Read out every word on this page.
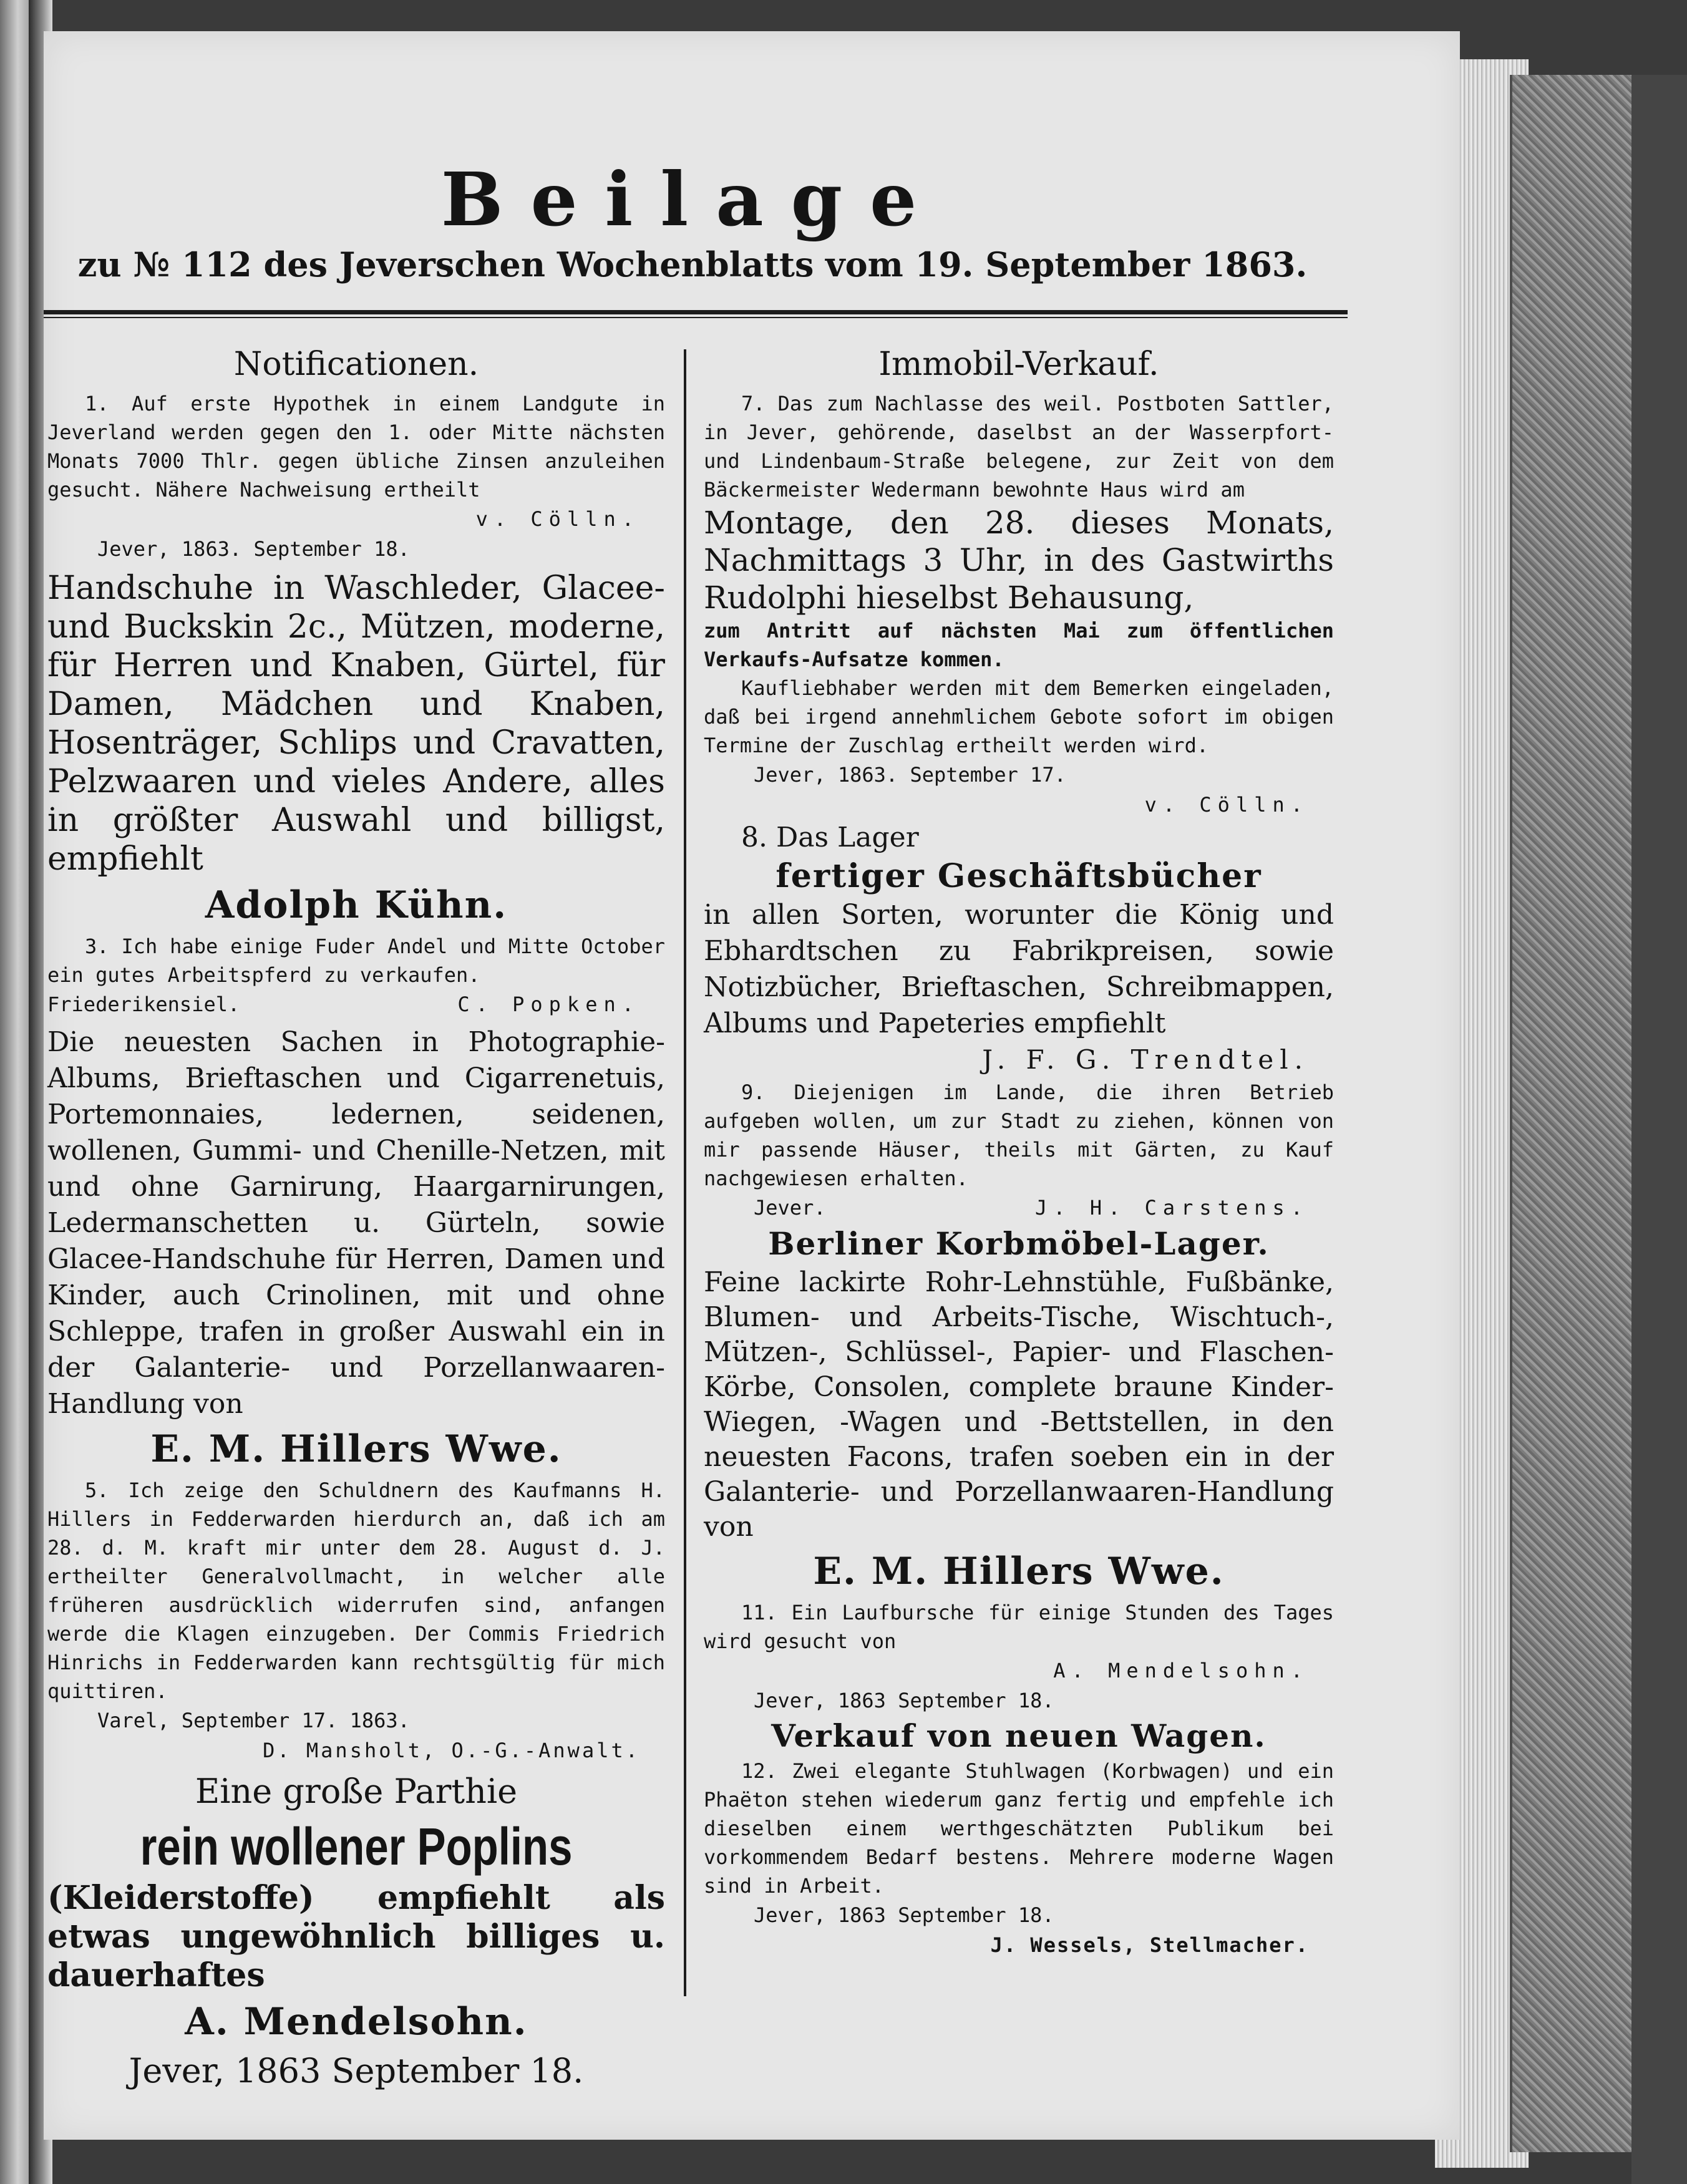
Beilage
zu № 112 des Jeverschen Wochenblatts vom 19. September 1863.
Notificationen.
1. Auf erste Hypothek in einem Landgute in Jeverland werden gegen den 1. oder Mitte nächsten Monats 7000 Thlr. gegen übliche Zinsen anzuleihen gesucht. Nähere Nachweisung ertheilt
v. Cölln.
Jever, 1863. September 18.
Handschuhe in Waschleder, Glacee- und Buckskin 2c., Mützen, moderne, für Herren und Knaben, Gürtel, für Damen, Mädchen und Knaben, Hosenträger, Schlips und Cravatten, Pelzwaaren und vieles Andere, alles in größter Auswahl und billigst, empfiehlt
Adolph Kühn.
3. Ich habe einige Fuder Andel und Mitte October ein gutes Arbeitspferd zu verkaufen.
Friederikensiel.	C. Popken.
Die neuesten Sachen in Photographie-Albums, Brieftaschen und Cigarrenetuis, Portemonnaies, ledernen, seidenen, wollenen, Gummi- und Chenille-Netzen, mit und ohne Garnirung, Haargarnirungen, Ledermanschetten u. Gürteln, sowie Glacee-Handschuhe für Herren, Damen und Kinder, auch Crinolinen, mit und ohne Schleppe, trafen in großer Auswahl ein in der Galanterie- und Porzellanwaaren-Handlung von
E. M. Hillers Wwe.
5. Ich zeige den Schuldnern des Kaufmanns H. Hillers in Fedderwarden hierdurch an, daß ich am 28. d. M. kraft mir unter dem 28. August d. J. ertheilter Generalvollmacht, in welcher alle früheren ausdrücklich widerrufen sind, anfangen werde die Klagen einzugeben. Der Commis Friedrich Hinrichs in Fedderwarden kann rechtsgültig für mich quittiren.
Varel, September 17. 1863.
D. Mansholt, O.-G.-Anwalt.
Eine große Parthie
rein wollener Poplins
(Kleiderstoffe) empfiehlt als etwas ungewöhnlich billiges u. dauerhaftes
A. Mendelsohn.
Jever, 1863 September 18.
Immobil-Verkauf.
7. Das zum Nachlasse des weil. Postboten Sattler, in Jever, gehörende, daselbst an der Wasserpfort- und Lindenbaum-Straße belegene, zur Zeit von dem Bäckermeister Wedermann bewohnte Haus wird am
Montage, den 28. dieses Monats, Nachmittags 3 Uhr, in des Gastwirths Rudolphi hieselbst Behausung,
zum Antritt auf nächsten Mai zum öffentlichen Verkaufs-Aufsatze kommen.
Kaufliebhaber werden mit dem Bemerken eingeladen, daß bei irgend annehmlichem Gebote sofort im obigen Termine der Zuschlag ertheilt werden wird.
Jever, 1863. September 17.
v. Cölln.
8. Das Lager
fertiger Geschäftsbücher
in allen Sorten, worunter die König und Ebhardtschen zu Fabrikpreisen, sowie Notizbücher, Brieftaschen, Schreibmappen, Albums und Papeteries empfiehlt
J. F. G. Trendtel.
9. Diejenigen im Lande, die ihren Betrieb aufgeben wollen, um zur Stadt zu ziehen, können von mir passende Häuser, theils mit Gärten, zu Kauf nachgewiesen erhalten.
Jever.	J. H. Carstens.
Berliner Korbmöbel-Lager.
Feine lackirte Rohr-Lehnstühle, Fußbänke, Blumen- und Arbeits-Tische, Wischtuch-, Mützen-, Schlüssel-, Papier- und Flaschen-Körbe, Consolen, complete braune Kinder-Wiegen, -Wagen und -Bettstellen, in den neuesten Facons, trafen soeben ein in der Galanterie- und Porzellanwaaren-Handlung von
E. M. Hillers Wwe.
11. Ein Laufbursche für einige Stunden des Tages wird gesucht von
A. Mendelsohn.
Jever, 1863 September 18.
Verkauf von neuen Wagen.
12. Zwei elegante Stuhlwagen (Korbwagen) und ein Phaëton stehen wiederum ganz fertig und empfehle ich dieselben einem werthgeschätzten Publikum bei vorkommendem Bedarf bestens. Mehrere moderne Wagen sind in Arbeit.
Jever, 1863 September 18.
J. Wessels, Stellmacher.
